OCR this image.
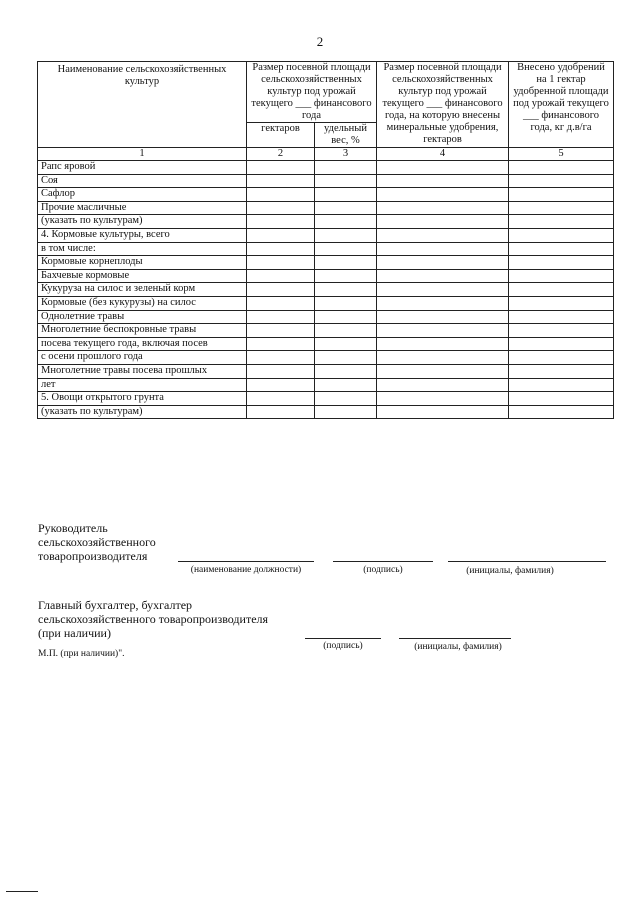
2
Наименование сельскохозяйственных культур	Размер посевной площади сельскохозяйственных культур под урожай текущего ___ финансового года		Размер посевной площади сельскохозяйственных культур под урожай текущего ___ финансового года, на которую внесены минеральные удобрения, гектаров	Внесено удобрений на 1 гектар удобренной площади под урожай текущего ___ финансового года, кг д.в/га
	гектаров	удельный вес, %		
1	2	3	4	5
Рапс яровой				
Соя				
Сафлор				
Прочие масличные				
(указать по культурам)				
4. Кормовые культуры, всего				
в том числе:				
Кормовые корнеплоды				
Бахчевые кормовые				
Кукуруза на силос и зеленый корм				
Кормовые (без кукурузы) на силос				
Однолетние травы				
Многолетние беспокровные травы				
посева текущего года, включая посев				
с осени прошлого года				
Многолетние травы посева прошлых				
лет				
5. Овощи открытого грунта				
(указать по культурам)				
Руководитель
сельскохозяйственного
товаропроизводителя
(наименование должности)	(подпись)	(инициалы, фамилия)
Главный бухгалтер, бухгалтер
сельскохозяйственного товаропроизводителя
(при наличии)
(подпись)	(инициалы, фамилия)
М.П. (при наличии)".
